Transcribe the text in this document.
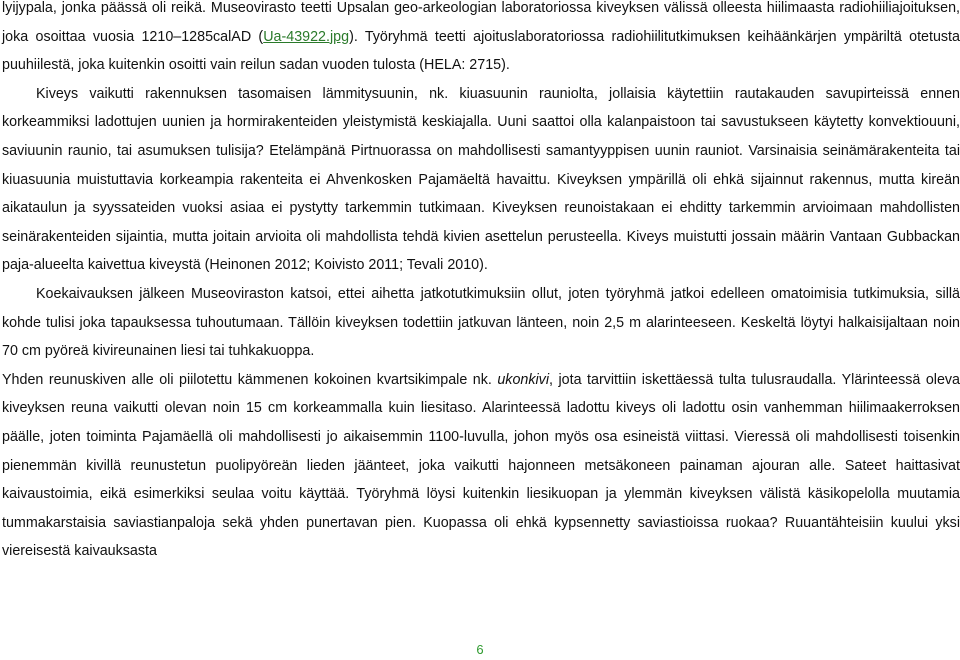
lyijypala, jonka päässä oli reikä. Museovirasto teetti Upsalan geo-arkeologian laboratoriossa kiveyksen välissä olleesta hiilimaasta radiohiiliajoituksen, joka osoittaa vuosia 1210–1285calAD (Ua-43922.jpg). Työryhmä teetti ajoituslaboratoriossa radiohiilitutkimuksen keihäänkärjen ympäriltä otetusta puuhiilestä, joka kuitenkin osoitti vain reilun sadan vuoden tulosta (HELA: 2715).

Kiveys vaikutti rakennuksen tasomaisen lämmitysuunin, nk. kiuasuunin rauniolta, jollaisia käytettiin rautakauden savupirteissä ennen korkeammiksi ladottujen uunien ja hormirakenteiden yleistymistä keskiajalla. Uuni saattoi olla kalanpaistoon tai savustukseen käytetty konvektiouuni, saviuunin raunio, tai asumuksen tulisija? Etelämpänä Pirtnuorassa on mahdollisesti samantyyppisen uunin rauniot. Varsinaisia seinämärakenteita tai kiuasuunia muistuttavia korkeampia rakenteita ei Ahvenkosken Pajamäeltä havaittu. Kiveyksen ympärillä oli ehkä sijainnut rakennus, mutta kireän aikataulun ja syyssateiden vuoksi asiaa ei pystytty tarkemmin tutkimaan. Kiveyksen reunoistakaan ei ehditty tarkemmin arvioimaan mahdollisten seinärakenteiden sijaintia, mutta joitain arvioita oli mahdollista tehdä kivien asettelun perusteella. Kiveys muistutti jossain määrin Vantaan Gubbackan paja-alueelta kaivettua kiveystä (Heinonen 2012; Koivisto 2011; Tevali 2010).

Koekaivauksen jälkeen Museoviraston katsoi, ettei aihetta jatkotutkimuksiin ollut, joten työryhmä jatkoi edelleen omatoimisia tutkimuksia, sillä kohde tulisi joka tapauksessa tuhoutumaan. Tällöin kiveyksen todettiin jatkuvan länteen, noin 2,5 m alarinteeseen. Keskeltä löytyi halkaisijaltaan noin 70 cm pyöreä kivireunainen liesi tai tuhkakuoppa.

Yhden reunuskiven alle oli piilotettu kämmenen kokoinen kvartsikimpale nk. ukonkivi, jota tarvittiin iskettäessä tulta tulusraudalla. Ylärinteessä oleva kiveyksen reuna vaikutti olevan noin 15 cm korkeammalla kuin liesitaso. Alarinteessä ladottu kiveys oli ladottu osin vanhemman hiilimaakerroksen päälle, joten toiminta Pajamäellä oli mahdollisesti jo aikaisemmin 1100-luvulla, johon myös osa esineistä viittasi. Vieressä oli mahdollisesti toisenkin pienemmän kivillä reunustetun puolipyöreän lieden jäänteet, joka vaikutti hajonneen metsäkoneen painaman ajouran alle. Sateet haittasivat kaivaustoimia, eikä esimerkiksi seulaa voitu käyttää. Työryhmä löysi kuitenkin liesikuopan ja ylemmän kiveyksen välistä käsikopelolla muutamia tummakarstaisia saviastianpaloja sekä yhden punertavan pien. Kuopassa oli ehkä kypsennetty saviastioissa ruokaa? Ruuantähteisiin kuului yksi viereisestä kaivauksasta

6
